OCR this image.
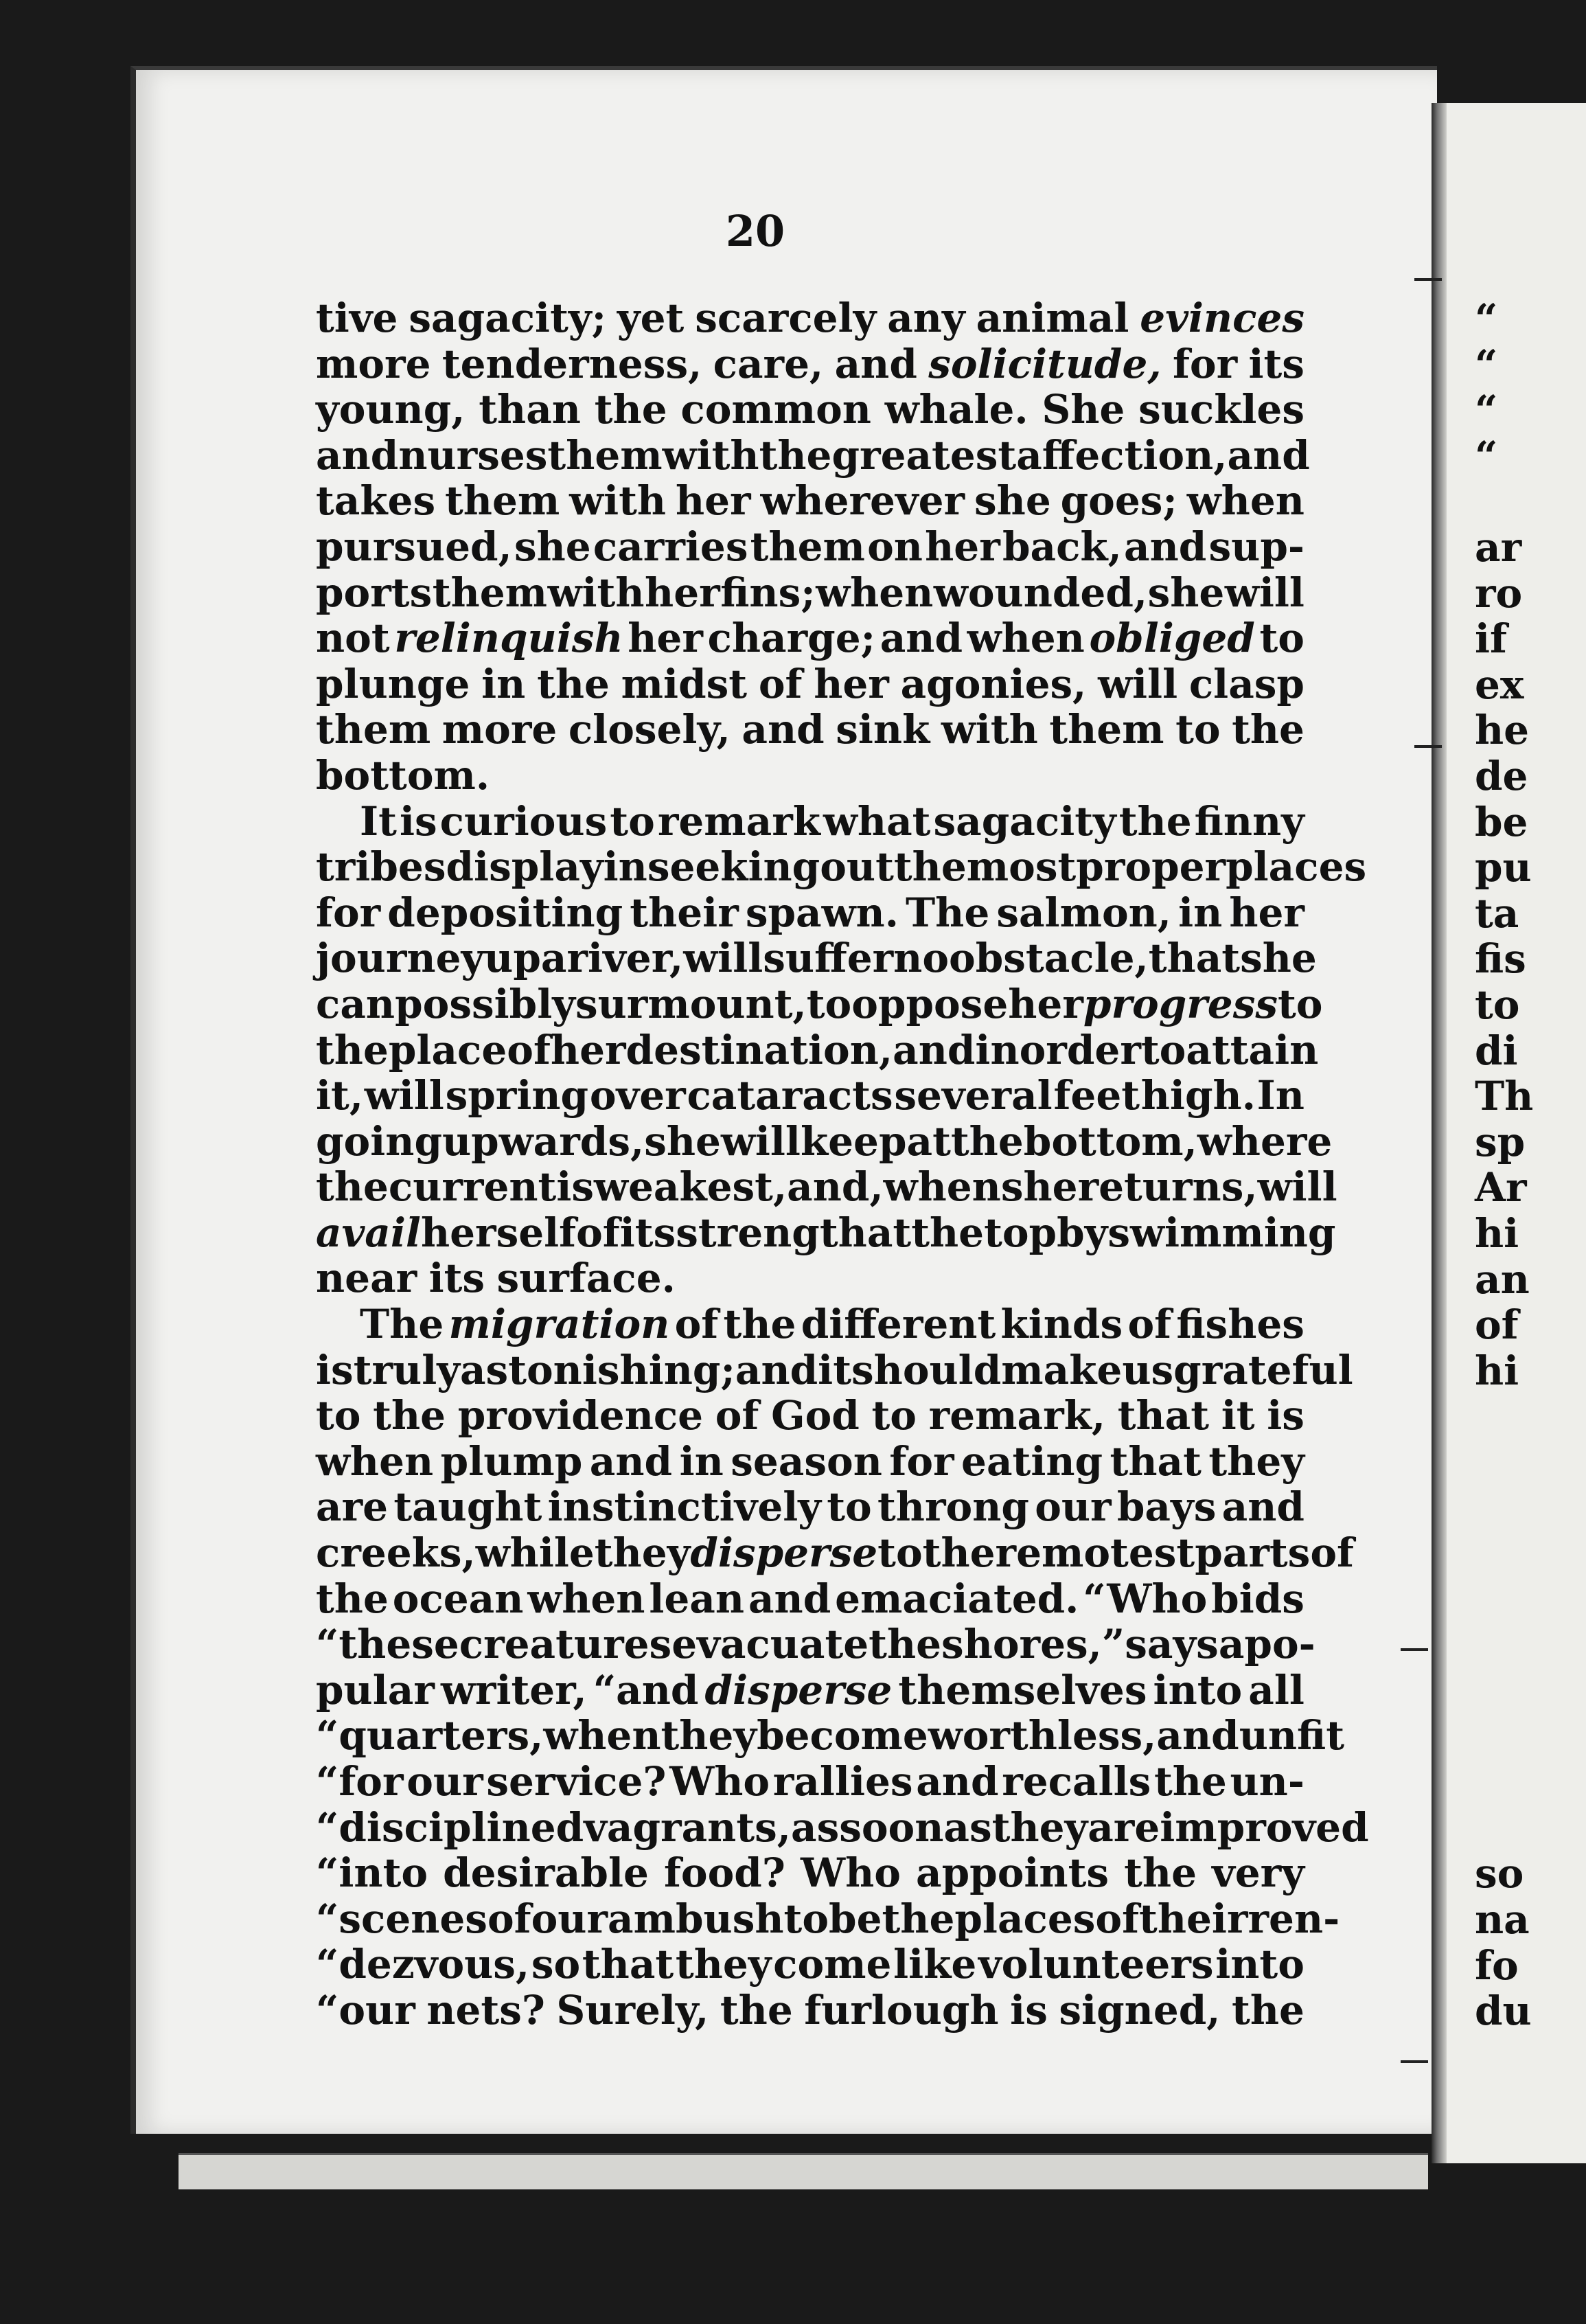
20
tive sagacity; yet scarcely any animal evinces
more tenderness, care, and solicitude, for its
young, than the common whale. She suckles
and nurses them with the greatest affection, and
takes them with her wherever she goes; when
pursued, she carries them on her back, and sup-
ports them with her fins; when wounded, she will
not relinquish her charge; and when obliged to
plunge in the midst of her agonies, will clasp
them more closely, and sink with them to the
bottom.
It is curious to remark what sagacity the finny
tribes display in seeking out the most proper places
for depositing their spawn. The salmon, in her
journey up a river, will suffer no obstacle, that she
can possibly surmount, to oppose her progress to
the place of her destination, and in order to attain
it, will spring over cataracts several feet high. In
going upwards, she will keep at the bottom, where
the current is weakest, and, when she returns, will
avail herself of its strength at the top by swimming
near its surface.
The migration of the different kinds of fishes
is truly astonishing; and it should make us grateful
to the providence of God to remark, that it is
when plump and in season for eating that they
are taught instinctively to throng our bays and
creeks, while they disperse to the remotest parts of
the ocean when lean and emaciated. “Who bids
“these creatures evacuate the shores,” says a po-
pular writer, “and disperse themselves into all
“quarters, when they become worthless, and unfit
“for our service? Who rallies and recalls the un-
“disciplined vagrants, as soon as they are improved
“into desirable food? Who appoints the very
“scenes of our ambush to be the places of their ren-
“dezvous, so that they come like volunteers into
“our nets? Surely, the furlough is signed, the
“
“
“
“
ar
ro
if
ex
he
de
be
pu
ta
fis
to
di
Th
sp
Ar
hi
an
of
hi
so
na
fo
du
